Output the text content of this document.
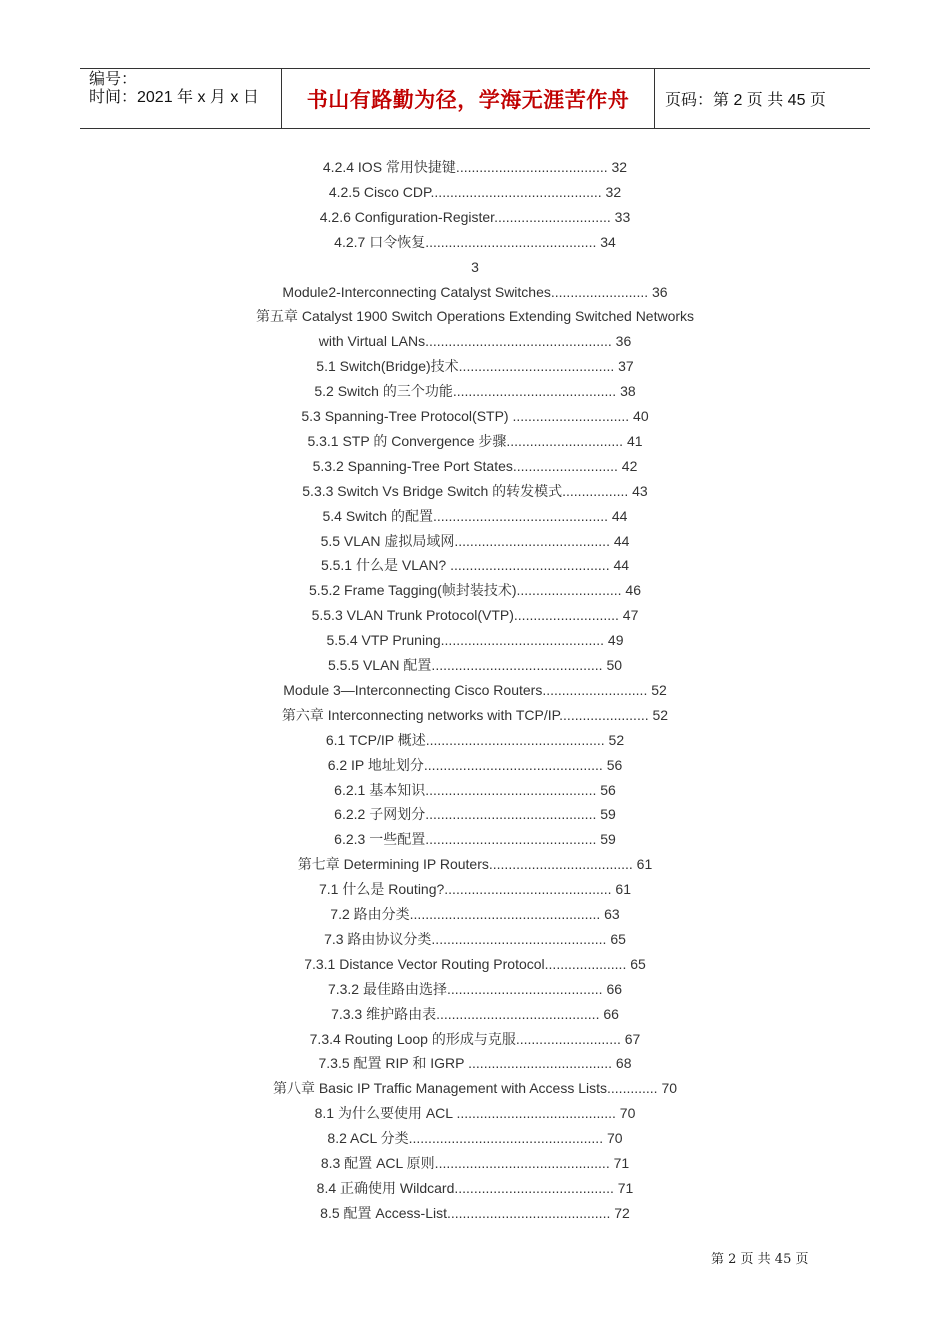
编号：
时间：2021 年 x 月 x 日 书山有路勤为径，学海无涯苦作舟 页码：第 2 页 共 45 页
4.2.4 IOS 常用快捷键....................................... 32
4.2.5 Cisco CDP............................................ 32
4.2.6 Configuration-Register.............................. 33
4.2.7 口令恢复............................................ 34
3
Module2-Interconnecting Catalyst Switches......................... 36
第五章 Catalyst 1900 Switch Operations Extending Switched Networks
with Virtual LANs................................................ 36
5.1 Switch(Bridge)技术........................................ 37
5.2 Switch 的三个功能.......................................... 38
5.3 Spanning-Tree Protocol(STP) .............................. 40
5.3.1 STP 的 Convergence 步骤.............................. 41
5.3.2 Spanning-Tree Port States........................... 42
5.3.3 Switch Vs Bridge Switch 的转发模式................. 43
5.4 Switch 的配置............................................. 44
5.5 VLAN 虚拟局域网........................................ 44
5.5.1 什么是 VLAN? ......................................... 44
5.5.2 Frame Tagging(帧封装技术)........................... 46
5.5.3 VLAN Trunk Protocol(VTP)........................... 47
5.5.4 VTP Pruning.......................................... 49
5.5.5 VLAN 配置............................................ 50
Module 3—Interconnecting Cisco Routers........................... 52
第六章 Interconnecting networks with TCP/IP....................... 52
6.1 TCP/IP 概述.............................................. 52
6.2 IP 地址划分.............................................. 56
6.2.1 基本知识............................................ 56
6.2.2 子网划分............................................ 59
6.2.3 一些配置............................................ 59
第七章 Determining IP Routers..................................... 61
7.1 什么是 Routing?........................................... 61
7.2 路由分类................................................. 63
7.3 路由协议分类............................................. 65
7.3.1 Distance Vector Routing Protocol..................... 65
7.3.2 最佳路由选择........................................ 66
7.3.3 维护路由表.......................................... 66
7.3.4 Routing Loop 的形成与克服........................... 67
7.3.5 配置 RIP 和 IGRP ..................................... 68
第八章 Basic IP Traffic Management with Access Lists............. 70
8.1 为什么要使用 ACL ......................................... 70
8.2 ACL 分类.................................................. 70
8.3 配置 ACL 原则............................................. 71
8.4 正确使用 Wildcard......................................... 71
8.5 配置 Access-List.......................................... 72
第 2 页 共 45 页
